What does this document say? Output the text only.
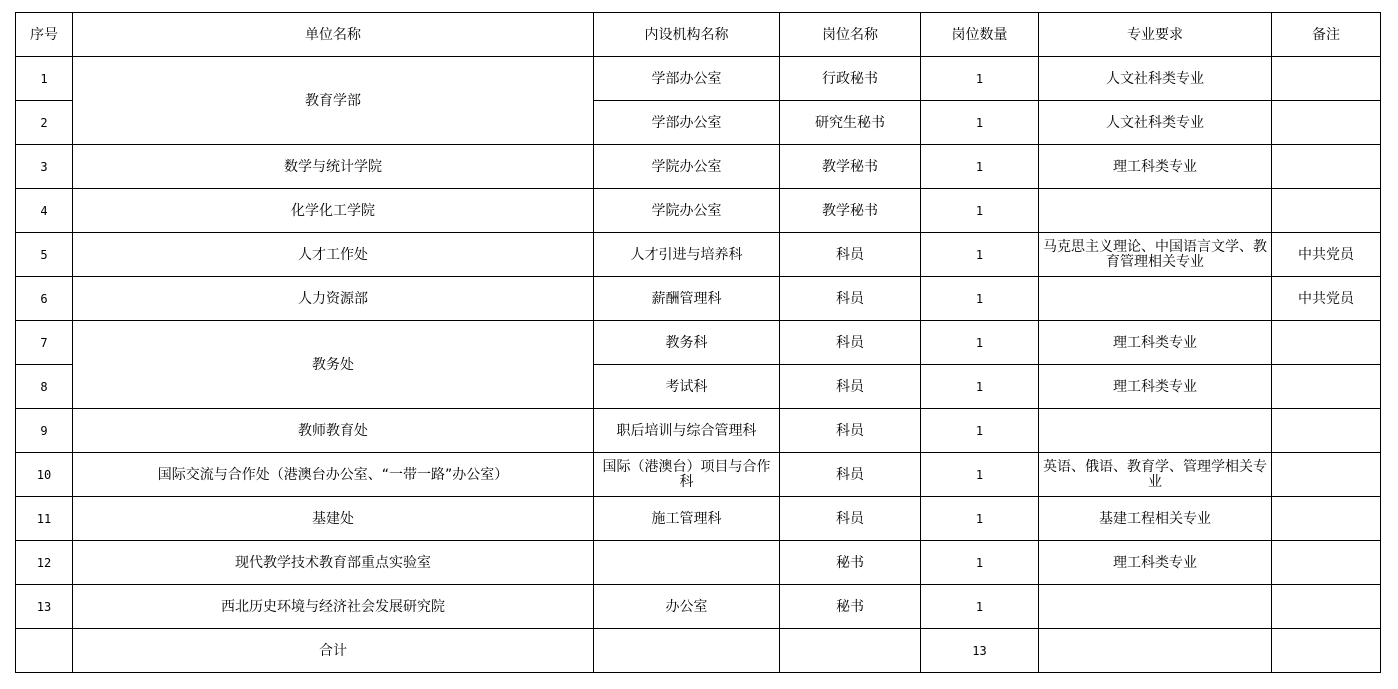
序号	单位名称	内设机构名称	岗位名称	岗位数量	专业要求	备注
1	教育学部	学部办公室	行政秘书	1	人文社科类专业	
2		学部办公室	研究生秘书	1	人文社科类专业	
3	数学与统计学院	学院办公室	教学秘书	1	理工科类专业	
4	化学化工学院	学院办公室	教学秘书	1		
5	人才工作处	人才引进与培养科	科员	1	马克思主义理论、中国语言文学、教育管理相关专业	中共党员
6	人力资源部	薪酬管理科	科员	1		中共党员
7	教务处	教务科	科员	1	理工科类专业	
8		考试科	科员	1	理工科类专业	
9	教师教育处	职后培训与综合管理科	科员	1		
10	国际交流与合作处（港澳台办公室、“一带一路”办公室）	国际（港澳台）项目与合作科	科员	1	英语、俄语、教育学、管理学相关专业	
11	基建处	施工管理科	科员	1	基建工程相关专业	
12	现代教学技术教育部重点实验室		秘书	1	理工科类专业	
13	西北历史环境与经济社会发展研究院	办公室	秘书	1		
	合计			13		
